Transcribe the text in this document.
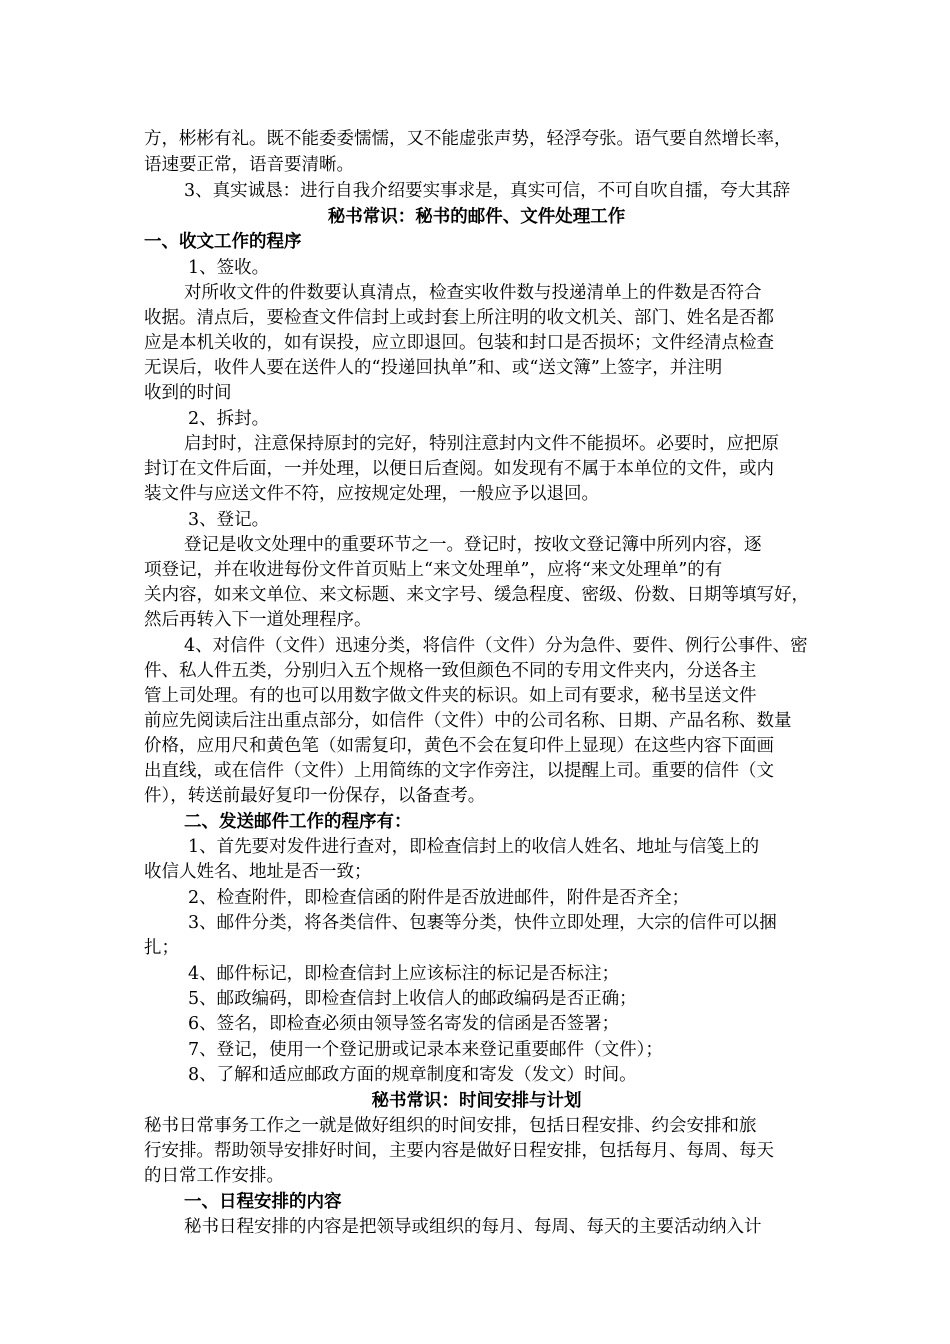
方，彬彬有礼。既不能委委懦懦，又不能虚张声势，轻浮夸张。语气要自然增长率，
语速要正常，语音要清晰。
3、真实诚恳：进行自我介绍要实事求是，真实可信，不可自吹自擂，夸大其辞
秘书常识：秘书的邮件、文件处理工作
一、收文工作的程序
1、签收。
对所收文件的件数要认真清点，检查实收件数与投递清单上的件数是否符合
收据。清点后，要检查文件信封上或封套上所注明的收文机关、部门、姓名是否都
应是本机关收的，如有误投，应立即退回。包装和封口是否损坏；文件经清点检查
无误后，收件人要在送件人的“投递回执单”和、或“送文簿”上签字，并注明
收到的时间
2、拆封。
启封时，注意保持原封的完好，特别注意封内文件不能损坏。必要时，应把原
封订在文件后面，一并处理，以便日后查阅。如发现有不属于本单位的文件，或内
装文件与应送文件不符，应按规定处理，一般应予以退回。
3、登记。
登记是收文处理中的重要环节之一。登记时，按收文登记簿中所列内容，逐
项登记，并在收进每份文件首页贴上“来文处理单”，应将“来文处理单”的有
关内容，如来文单位、来文标题、来文字号、缓急程度、密级、份数、日期等填写好，
然后再转入下一道处理程序。
4、对信件（文件）迅速分类，将信件（文件）分为急件、要件、例行公事件、密
件、私人件五类，分别归入五个规格一致但颜色不同的专用文件夹内，分送各主
管上司处理。有的也可以用数字做文件夹的标识。如上司有要求，秘书呈送文件
前应先阅读后注出重点部分，如信件（文件）中的公司名称、日期、产品名称、数量
价格，应用尺和黄色笔（如需复印，黄色不会在复印件上显现）在这些内容下面画
出直线，或在信件（文件）上用简练的文字作旁注，以提醒上司。重要的信件（文
件），转送前最好复印一份保存，以备查考。
二、发送邮件工作的程序有：
1、首先要对发件进行查对，即检查信封上的收信人姓名、地址与信笺上的
收信人姓名、地址是否一致；
2、检查附件，即检查信函的附件是否放进邮件，附件是否齐全；
3、邮件分类，将各类信件、包裹等分类，快件立即处理，大宗的信件可以捆
扎；
4、邮件标记，即检查信封上应该标注的标记是否标注；
5、邮政编码，即检查信封上收信人的邮政编码是否正确；
6、签名，即检查必须由领导签名寄发的信函是否签署；
7、登记，使用一个登记册或记录本来登记重要邮件（文件）；
8、了解和适应邮政方面的规章制度和寄发（发文）时间。
秘书常识：时间安排与计划
秘书日常事务工作之一就是做好组织的时间安排，包括日程安排、约会安排和旅
行安排。帮助领导安排好时间，主要内容是做好日程安排，包括每月、每周、每天
的日常工作安排。
一、日程安排的内容
秘书日程安排的内容是把领导或组织的每月、每周、每天的主要活动纳入计
